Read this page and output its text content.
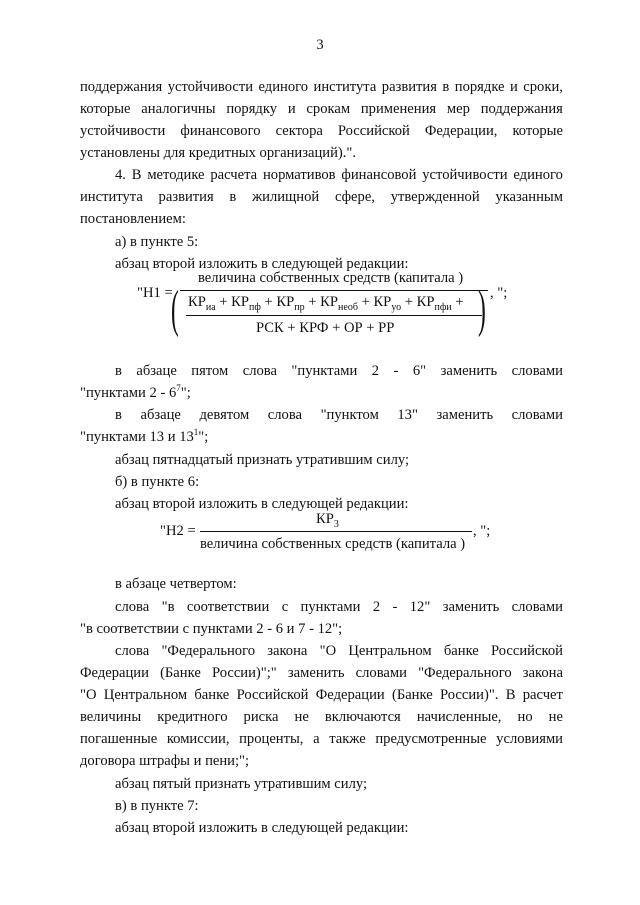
3
поддержания устойчивости единого института развития в порядке и сроки,
которые аналогичны порядку и срокам применения мер поддержания
устойчивости финансового сектора Российской Федерации, которые
установлены для кредитных организаций).".
4. В методике расчета нормативов финансовой устойчивости единого
института развития в жилищной сфере, утвержденной указанным
постановлением:
а) в пункте 5:
абзац второй изложить в следующей редакции:
"Н1 =
величина собственных средств (капитала )
, ";
( $КР_{иа} + КР_{пф} + КР_{пр} + КР_{необ} + КР_{уо} + КР_{пфи}$ +
РСК + КРФ + ОР + РР )
в абзаце пятом слова "пунктами 2 - 6" заменить словами
"пунктами $2 - 6^7$";
в абзаце девятом слова "пунктом 13" заменить словами
"пунктами 13 и $13^1$";
абзац пятнадцатый признать утратившим силу;
б) в пункте 6:
абзац второй изложить в следующей редакции:
"Н2 =
$КР_3$
величина собственных средств (капитала )
, ";
в абзаце четвертом:
слова "в соответствии с пунктами 2 - 12" заменить словами
"в соответствии с пунктами 2 - 6 и 7 - 12";
слова "Федерального закона "О Центральном банке Российской
Федерации (Банке России)";" заменить словами "Федерального закона
"О Центральном банке Российской Федерации (Банке России)". В расчет
величины кредитного риска не включаются начисленные, но не
погашенные комиссии, проценты, а также предусмотренные условиями
договора штрафы и пени;";
абзац пятый признать утратившим силу;
в) в пункте 7:
абзац второй изложить в следующей редакции:
